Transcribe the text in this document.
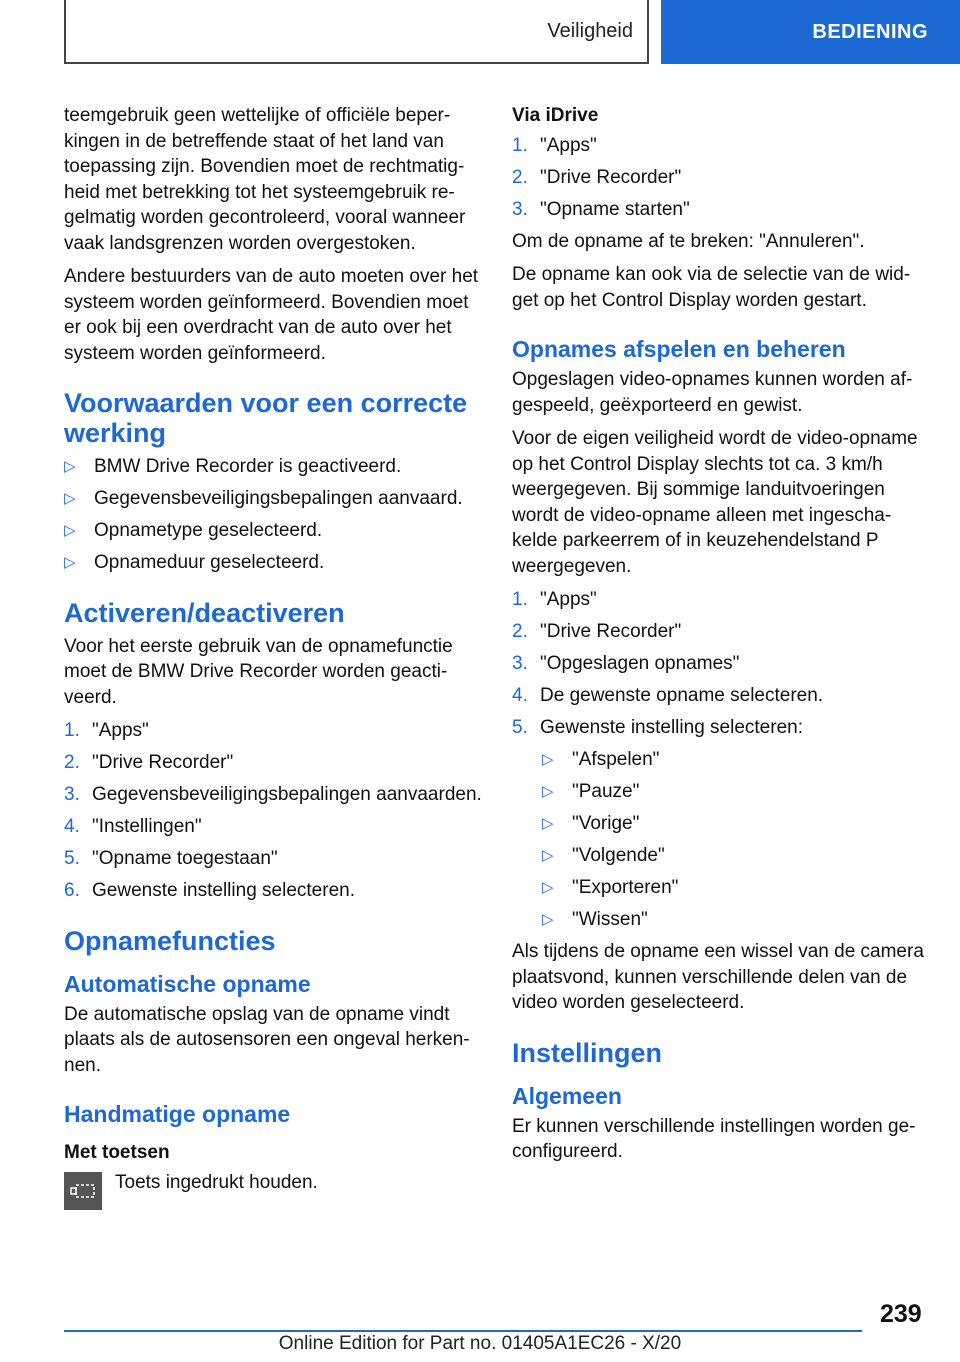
Veiligheid	BEDIENING

teemgebruik geen wettelijke of officiële beper-kingen in de betreffende staat of het land van toepassing zijn. Bovendien moet de rechtmatig-heid met betrekking tot het systeemgebruik re-gelmatig worden gecontroleerd, vooral wanneer vaak landsgrenzen worden overgestoken.

Andere bestuurders van de auto moeten over het systeem worden geïnformeerd. Bovendien moet er ook bij een overdracht van de auto over het systeem worden geïnformeerd.

Voorwaarden voor een correcte werking
▷ BMW Drive Recorder is geactiveerd.
▷ Gegevensbeveiligingsbepalingen aanvaard.
▷ Opnametype geselecteerd.
▷ Opnameduur geselecteerd.
Activeren/deactiveren

Voor het eerste gebruik van de opnamefunctie moet de BMW Drive Recorder worden geacti-veerd.

1. "Apps"
2. "Drive Recorder"
3. Gegevensbeveiligingsbepalingen aanvaarden.
4. "Instellingen"
5. "Opname toegestaan"
6. Gewenste instelling selecteren.
Opnamefuncties
Automatische opname

De automatische opslag van de opname vindt plaats als de autosensoren een ongeval herken-nen.

Handmatige opname
Met toetsen
Toets ingedrukt houden.
Via iDrive
1. "Apps"
2. "Drive Recorder"
3. "Opname starten"

Om de opname af te breken: "Annuleren".

De opname kan ook via de selectie van de wid-get op het Control Display worden gestart.

Opnames afspelen en beheren

Opgeslagen video-opnames kunnen worden af-gespeeld, geëxporteerd en gewist.

Voor de eigen veiligheid wordt de video-opname op het Control Display slechts tot ca. 3 km/h weergegeven. Bij sommige landuitvoeringen wordt de video-opname alleen met ingescha-kelde parkeerrem of in keuzehendelstand P weergegeven.

1. "Apps"
2. "Drive Recorder"
3. "Opgeslagen opnames"
4. De gewenste opname selecteren.
5. Gewenste instelling selecteren:
▷ "Afspelen"
▷ "Pauze"
▷ "Vorige"
▷ "Volgende"
▷ "Exporteren"
▷ "Wissen"

Als tijdens de opname een wissel van de camera plaatsvond, kunnen verschillende delen van de video worden geselecteerd.

Instellingen
Algemeen

Er kunnen verschillende instellingen worden ge-configureerd.

239
Online Edition for Part no. 01405A1EC26 - X/20
